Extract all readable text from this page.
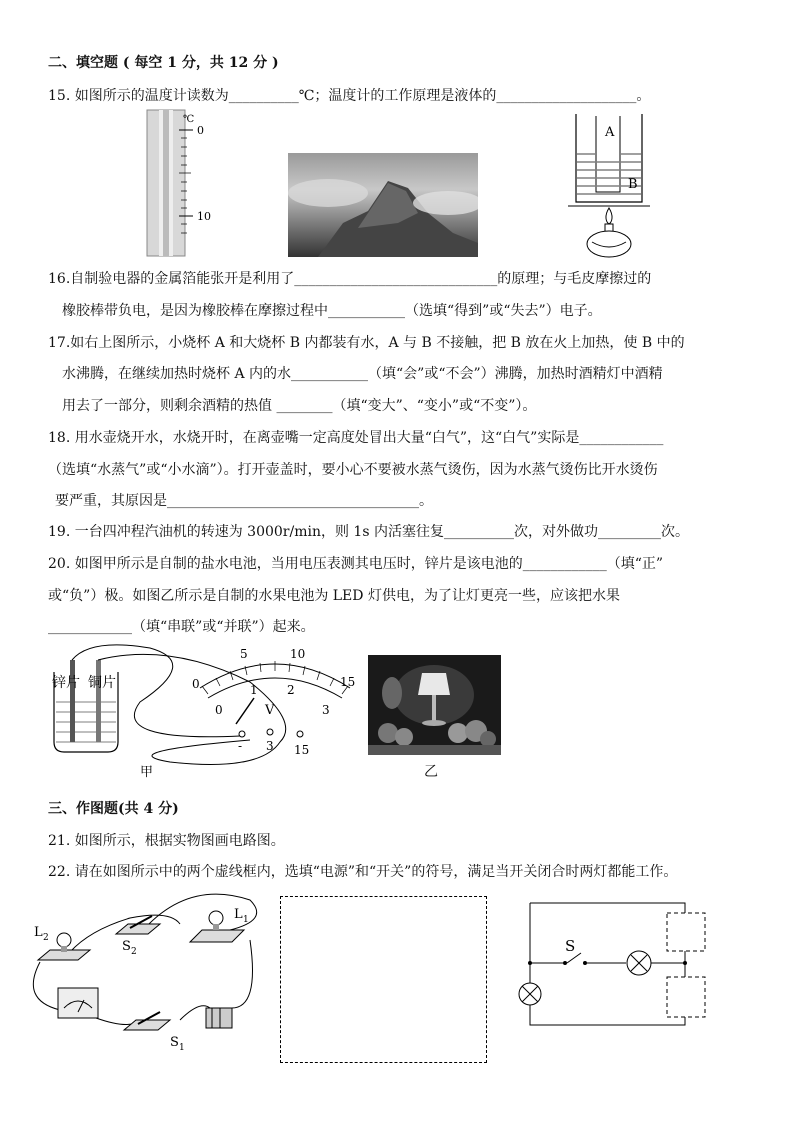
二、填空题 ( 每空 1 分，共 12 分 )
15. 如图所示的温度计读数为__________℃；温度计的工作原理是液体的____________________。
℃
0
10
A
B
16.自制验电器的金属箔能张开是利用了_____________________________的原理；与毛皮摩擦过的
橡胶棒带负电，是因为橡胶棒在摩擦过程中___________（选填“得到”或“失去”）电子。
17.如右上图所示，小烧杯 A 和大烧杯 B 内都装有水，A 与 B 不接触，把 B 放在火上加热，使 B 中的
水沸腾，在继续加热时烧杯 A 内的水___________（填“会”或“不会”）沸腾，加热时酒精灯中酒精
用去了一部分，则剩余酒精的热值 ________（填“变大”、“变小”或“不变”）。
18. 用水壶烧开水，水烧开时，在离壶嘴一定高度处冒出大量“白气”，这“白气”实际是____________
（选填“水蒸气”或“小水滴”）。打开壶盖时，要小心不要被水蒸气烫伤，因为水蒸气烫伤比开水烫伤
要严重，其原因是____________________________________。
19. 一台四冲程汽油机的转速为 3000r/min，则 1s 内活塞往复__________次，对外做功_________次。
20. 如图甲所示是自制的盐水电池，当用电压表测其电压时，锌片是该电池的____________（填“正”
或“负”）极。如图乙所示是自制的水果电池为 LED 灯供电，为了让灯更亮一些，应该把水果
____________（填“串联”或“并联”）起来。
锌片 铜片
甲
0
5	10
15
0
1 2
3
V
- 3 15
乙
三、作图题(共 4 分)
21. 如图所示，根据实物图画电路图。
22. 请在如图所示中的两个虚线框内，选填“电源”和“开关”的符号，满足当开关闭合时两灯都能工作。
L 2
S 2
L 1
S 1
S
